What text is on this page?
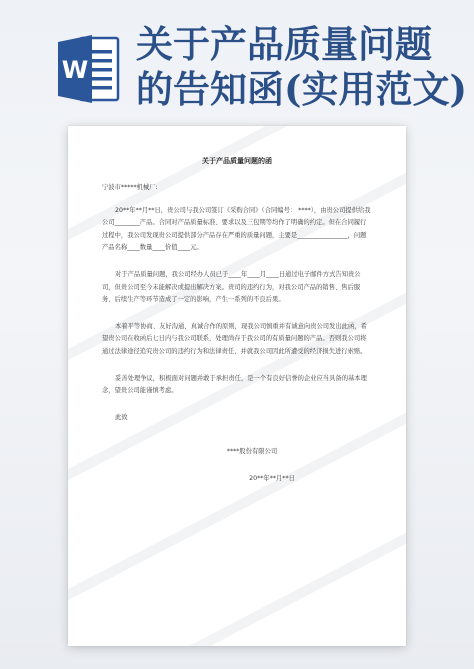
W
关于产品质量问题
的告知函(实用范文)
关于产品质量问题的函
宁波市*****机械厂:
20**年**月**日，贵公司与我公司签订《采购合同》（合同编号： ****），由贵公司提供给我公司________产品。合同对产品质量标准、要求以及三包期等均作了明确的约定。但在合同履行过程中，我公司发现贵公司提供部分产品存在严重的质量问题，主要是________________，问题产品名称____数量____价值____元。
对于产品质量问题，我公司经办人员已于____年____月____日通过电子邮件方式告知贵公司，但贵公司至今未能解决或提出解决方案。贵司的违约行为，对我公司产品的销售、售后服务、后续生产等环节造成了一定的影响，产生一系列的不良后果。
本着平等协商、友好沟通、真诚合作的原则，现我公司慎重并有诚意向贵公司发出此函，希望贵公司在收函后七日内与我公司联系，处理尚存于我公司的有质量问题的产品。否则我公司将通过法律途径追究贵公司的违约行为和法律责任，并就我公司因此所遭受的经济损失进行索赔。
妥善处理争议，积极面对问题并敢于承担责任，是一个有良好信誉的企业应当具备的基本理念，望贵公司能谨慎考虑。
此致
****股份有限公司
20**年**月**日
